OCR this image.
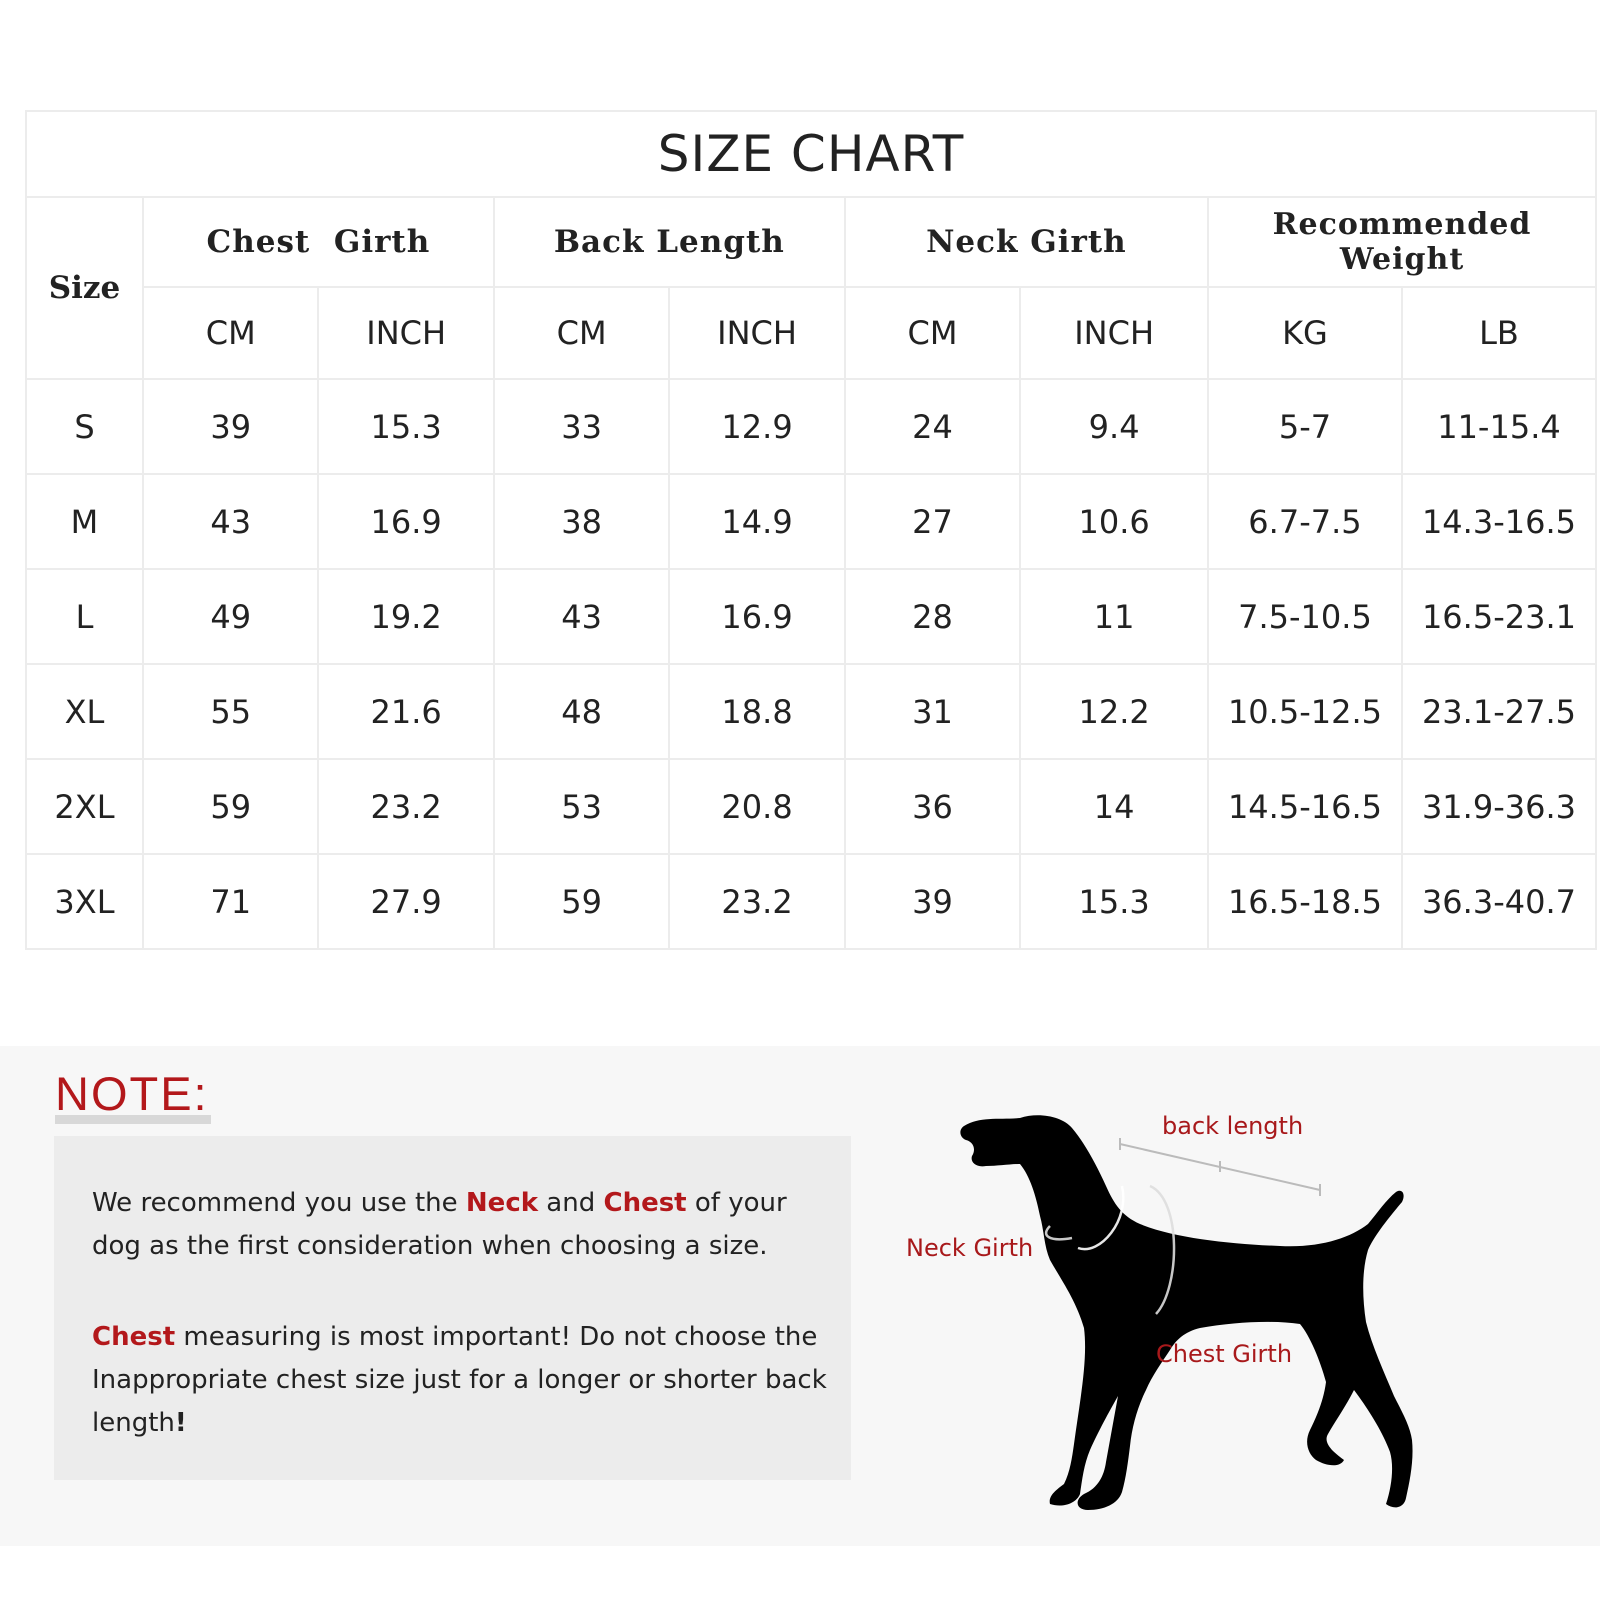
SIZE CHART								
Size	Chest  Girth		Back Length		Neck Girth		Recommended Weight	
	CM	INCH	CM	INCH	CM	INCH	KG	LB
S	39	15.3	33	12.9	24	9.4	5-7	11-15.4
M	43	16.9	38	14.9	27	10.6	6.7-7.5	14.3-16.5
L	49	19.2	43	16.9	28	11	7.5-10.5	16.5-23.1
XL	55	21.6	48	18.8	31	12.2	10.5-12.5	23.1-27.5
2XL	59	23.2	53	20.8	36	14	14.5-16.5	31.9-36.3
3XL	71	27.9	59	23.2	39	15.3	16.5-18.5	36.3-40.7
NOTE:

We recommend you use the Neck and Chest of your dog as the first consideration when choosing a size.

Chest measuring is most important! Do not choose the Inappropriate chest size just for a longer or shorter back length!

back length
Neck Girth
Chest Girth
